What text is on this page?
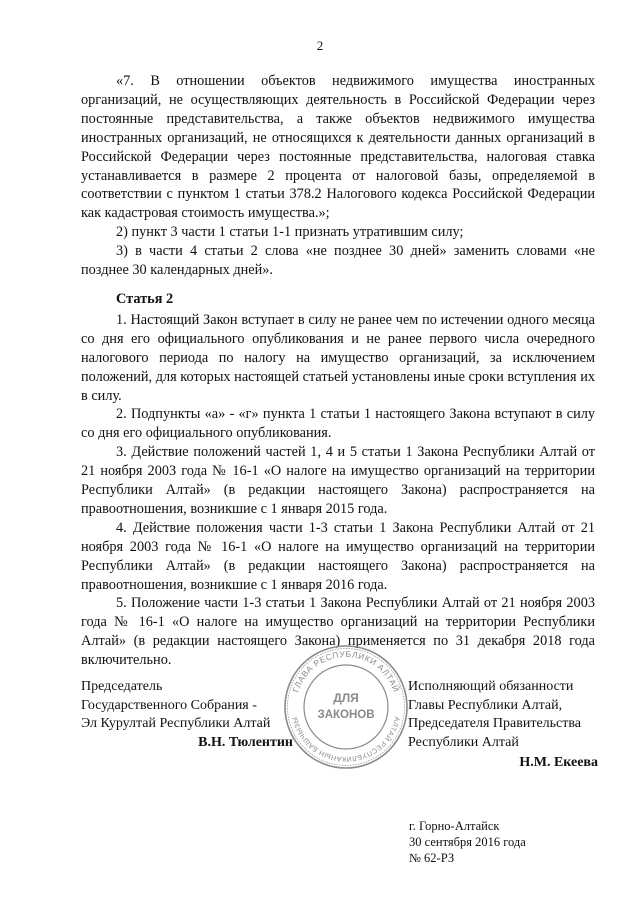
2

«7. В отношении объектов недвижимого имущества иностранных организаций, не осуществляющих деятельность в Российской Федерации через постоянные представительства, а также объектов недвижимого имущества иностранных организаций, не относящихся к деятельности данных организаций в Российской Федерации через постоянные представительства, налоговая ставка устанавливается в размере 2 процента от налоговой базы, определяемой в соответствии с пунктом 1 статьи 378.2 Налогового кодекса Российской Федерации как кадастровая стоимость имущества.»;

2) пункт 3 части 1 статьи 1-1 признать утратившим силу;

3) в части 4 статьи 2 слова «не позднее 30 дней» заменить словами «не позднее 30 календарных дней».

Статья 2

1. Настоящий Закон вступает в силу не ранее чем по истечении одного месяца со дня его официального опубликования и не ранее первого числа очередного налогового периода по налогу на имущество организаций, за исключением положений, для которых настоящей статьей установлены иные сроки вступления их в силу.

2. Подпункты «а» - «г» пункта 1 статьи 1 настоящего Закона вступают в силу со дня его официального опубликования.

3. Действие положений частей 1, 4 и 5 статьи 1 Закона Республики Алтай от 21 ноября 2003 года № 16-1 «О налоге на имущество организаций на территории Республики Алтай» (в редакции настоящего Закона) распространяется на правоотношения, возникшие с 1 января 2015 года.

4. Действие положения части 1-3 статьи 1 Закона Республики Алтай от 21 ноября 2003 года № 16-1 «О налоге на имущество организаций на территории Республики Алтай» (в редакции настоящего Закона) распространяется на правоотношения, возникшие с 1 января 2016 года.

5. Положение части 1-3 статьи 1 Закона Республики Алтай от 21 ноября 2003 года № 16-1 «О налоге на имущество организаций на территории Республики Алтай» (в редакции настоящего Закона) применяется по 31 декабря 2018 года включительно.

Председатель
Государственного Собрания -
Эл Курултай Республики Алтай
В.Н. Тюлентин
ГЛАВА РЕСПУБЛИКИ АЛТАЙ
АЛТАЙ РЕСПУБЛИКАНЫН БАШЧЫЗЫ
ДЛЯ
ЗАКОНОВ
Исполняющий обязанности
Главы Республики Алтай,
Председателя Правительства
Республики Алтай
Н.М. Екеева
г. Горно-Алтайск
30 сентября 2016 года
№ 62-РЗ
